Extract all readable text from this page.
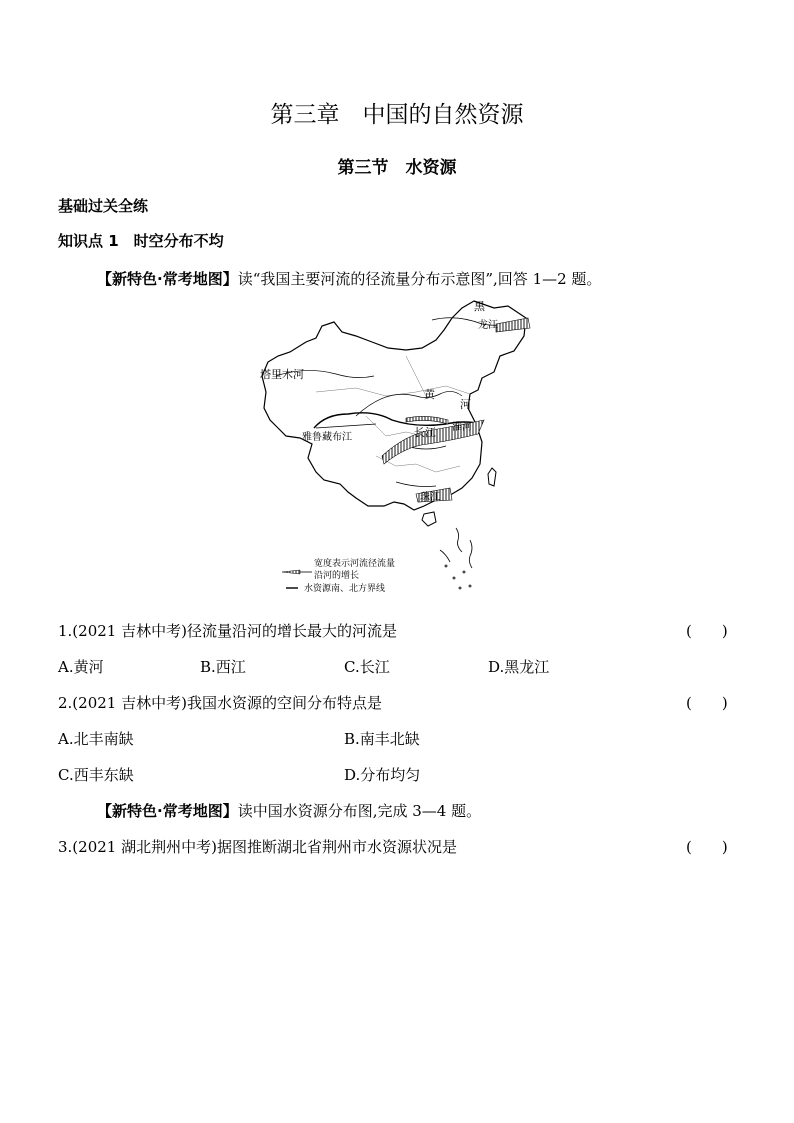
第三章　中国的自然资源
第三节　水资源
基础过关全练
知识点 1　时空分布不均
【新特色·常考地图】读“我国主要河流的径流量分布示意图”,回答 1—2 题。
黑
龙江
塔里木河
黄
河
淮河
雅鲁藏布江	长江
珠江
宽度表示河流径流量
沿河的增长
水资源南、北方界线
1.(2021 吉林中考)径流量沿河的增长最大的河流是	(　　)
A.黄河	B.西江	C.长江	D.黑龙江
2.(2021 吉林中考)我国水资源的空间分布特点是	(　　)
A.北丰南缺	B.南丰北缺
C.西丰东缺	D.分布均匀
【新特色·常考地图】读中国水资源分布图,完成 3—4 题。
3.(2021 湖北荆州中考)据图推断湖北省荆州市水资源状况是	(　　)
